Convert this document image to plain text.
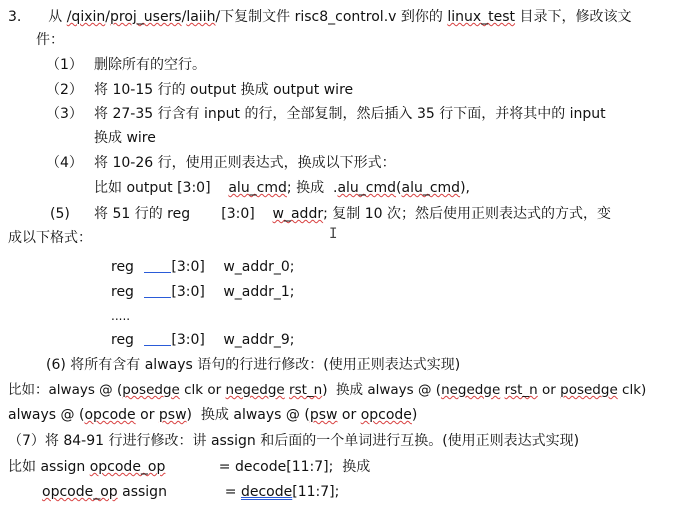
3. 从 /qixin/proj_users/laiih/下复制文件 risc8_control.v 到你的 linux_test 目录下，修改该文
件：
（1） 删除所有的空行。
（2） 将 10-15 行的 output 换成 output wire
（3） 将 27-35 行含有 input 的行，全部复制，然后插入 35 行下面，并将其中的 input
换成 wire
（4） 将 10-26 行，使用正则表达式，换成以下形式：
比如 output [3:0]    alu_cmd; 换成  .alu_cmd(alu_cmd),
(5) 将 51 行的 reg       [3:0]    w_addr; 复制 10 次；然后使用正则表达式的方式，变
成以下格式：	I
reg	[3:0] w_addr_0;
reg	[3:0] w_addr_1;
.....
reg	[3:0] w_addr_9;
(6) 将所有含有 always 语句的行进行修改：(使用正则表达式实现)
比如：always @ (posedge clk or negedge rst_n)  换成 always @ (negedge rst_n or posedge clk)
always @ (opcode or psw)  换成 always @ (psw or opcode)
（7）将 84-91 行进行修改：讲 assign 和后面的一个单词进行互换。(使用正则表达式实现)
比如 assign opcode_op            = decode[11:7];  换成
opcode_op assign             = decode[11:7];
